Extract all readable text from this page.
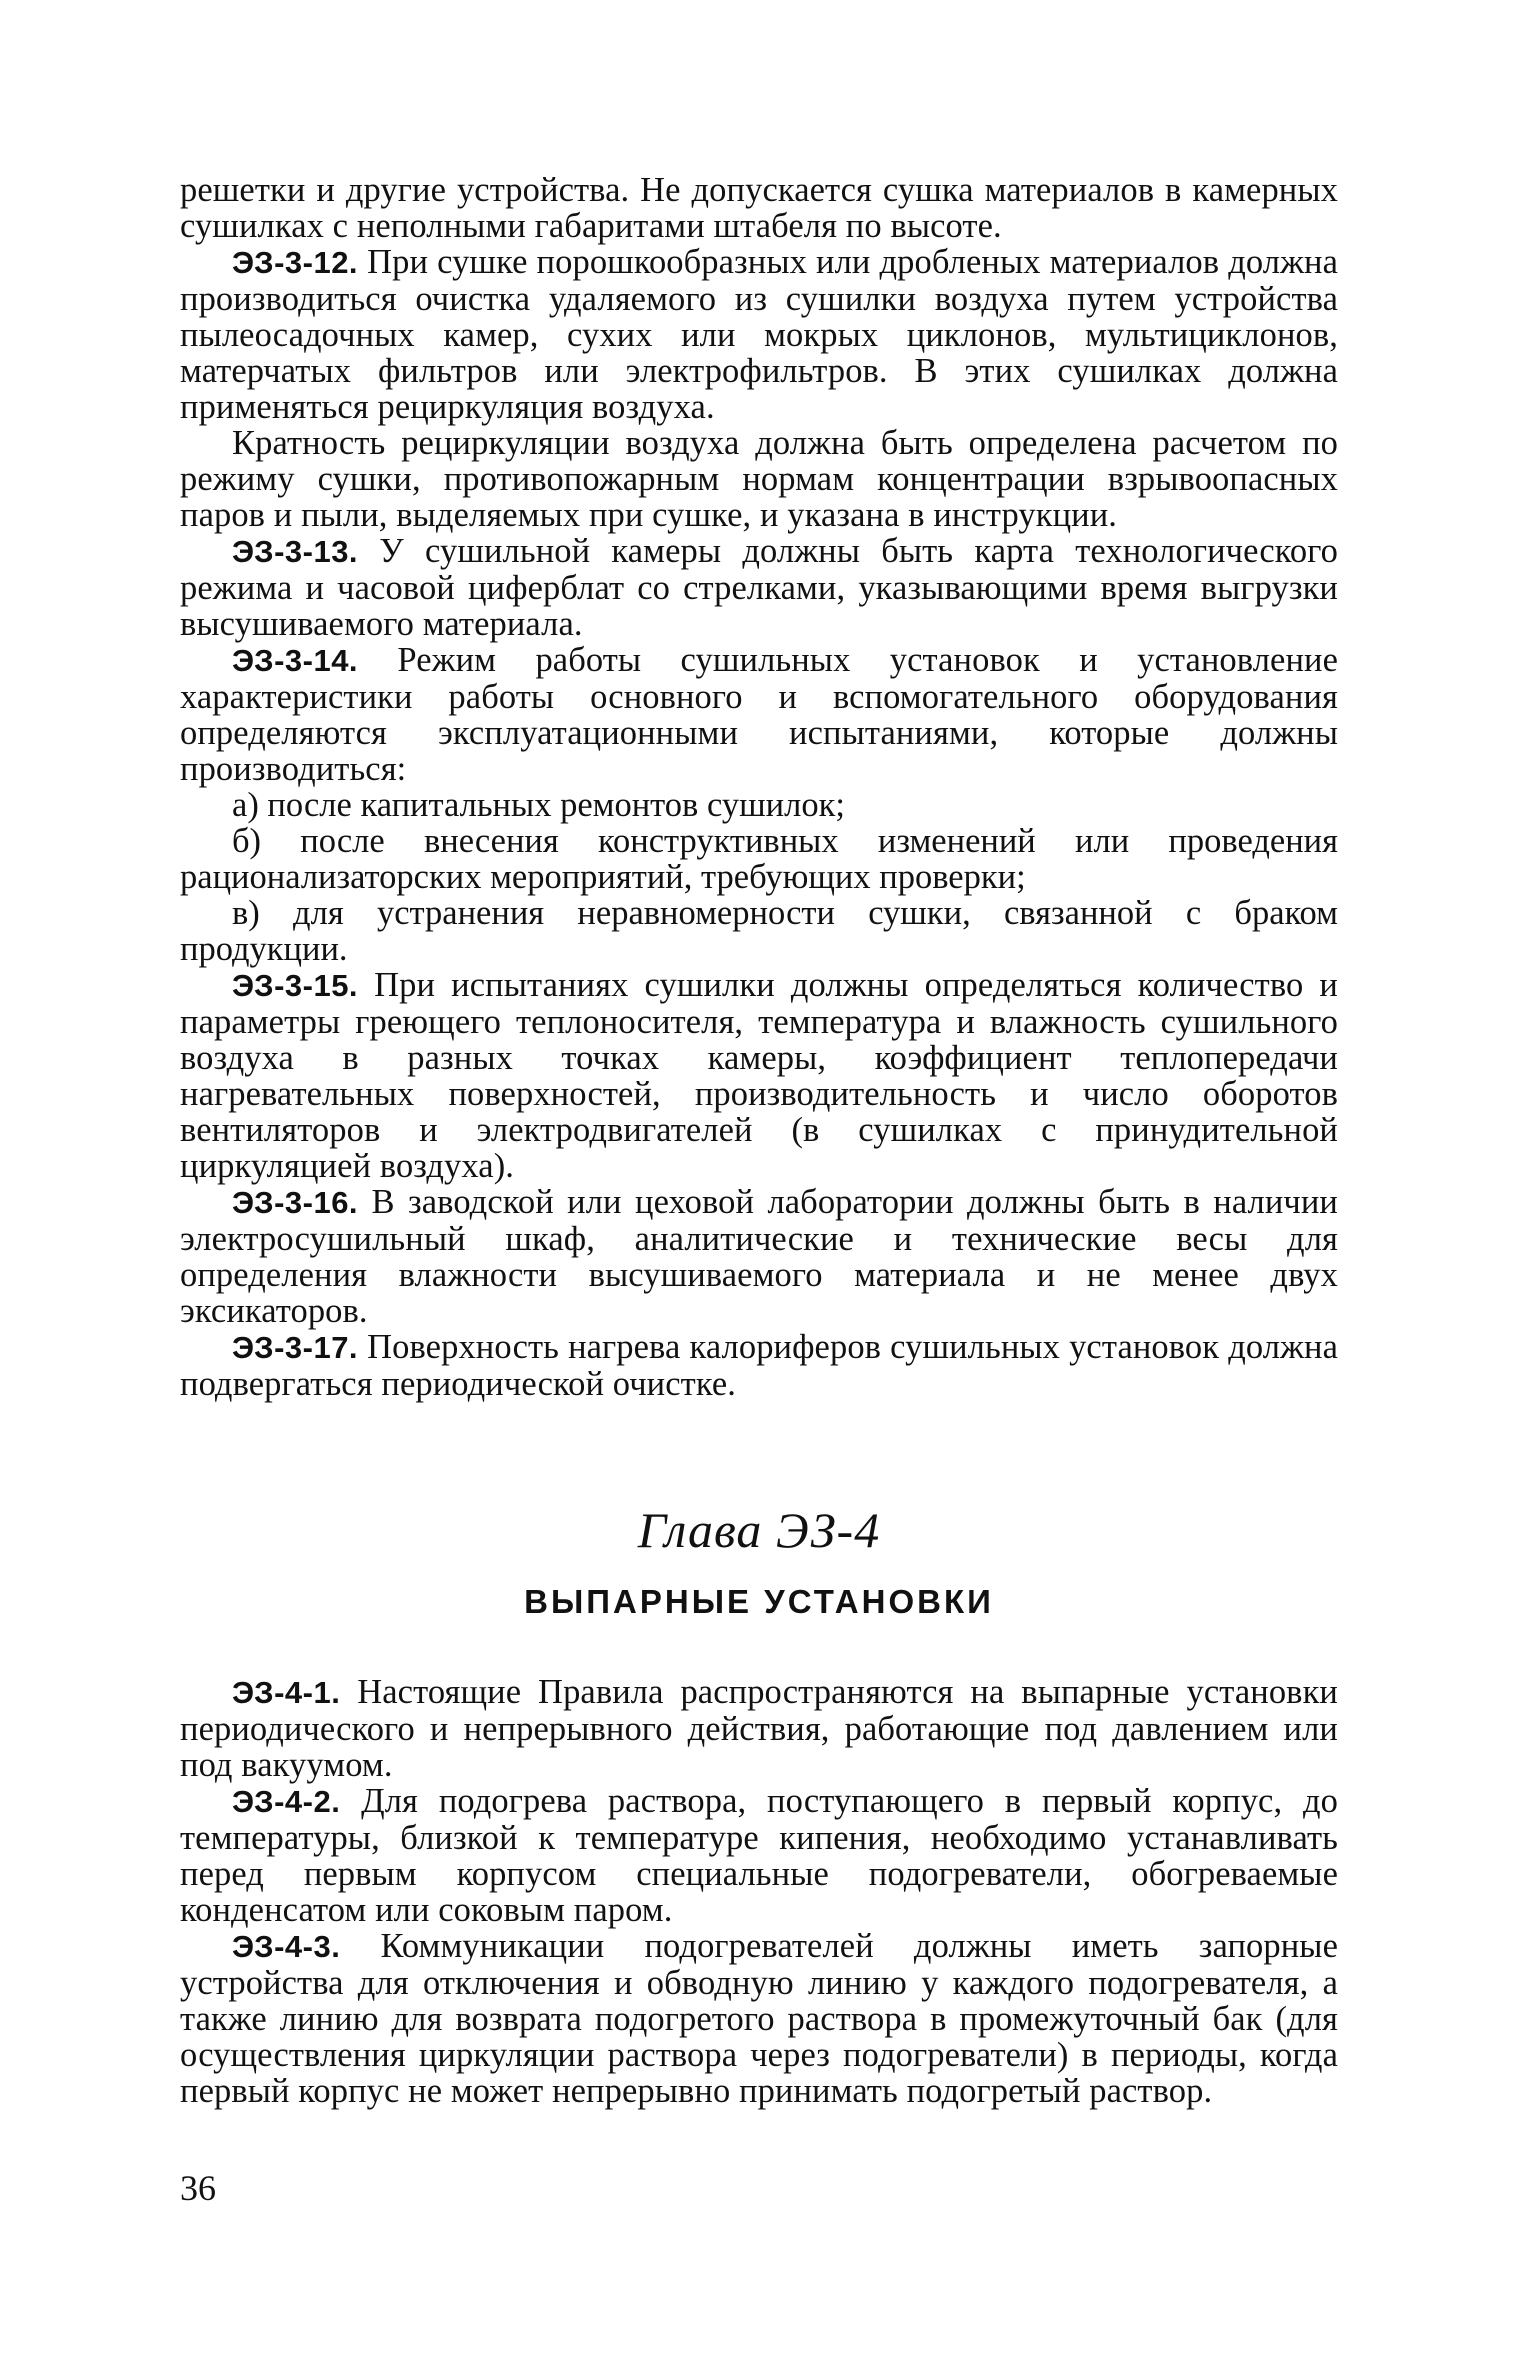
решетки и другие устройства. Не допускается сушка материалов в камерных сушилках с неполными габаритами штабеля по высоте.

ЭЗ-3-12. При сушке порошкообразных или дробленых материалов должна производиться очистка удаляемого из сушилки воздуха путем устройства пылеосадочных камер, сухих или мокрых циклонов, мультициклонов, матерчатых фильтров или электрофильтров. В этих сушилках должна применяться рециркуляция воздуха.

Кратность рециркуляции воздуха должна быть определена расчетом по режиму сушки, противопожарным нормам концентрации взрывоопасных паров и пыли, выделяемых при сушке, и указана в инструкции.

ЭЗ-3-13. У сушильной камеры должны быть карта технологического режима и часовой циферблат со стрелками, указывающими время выгрузки высушиваемого материала.

ЭЗ-3-14. Режим работы сушильных установок и установление характеристики работы основного и вспомогательного оборудования определяются эксплуатационными испытаниями, которые должны производиться:

а) после капитальных ремонтов сушилок;

б) после внесения конструктивных изменений или проведения рационализаторских мероприятий, требующих проверки;

в) для устранения неравномерности сушки, связанной с браком продукции.

ЭЗ-3-15. При испытаниях сушилки должны определяться количество и параметры греющего теплоносителя, температура и влажность сушильного воздуха в разных точках камеры, коэффициент теплопередачи нагревательных поверхностей, производительность и число оборотов вентиляторов и электродвигателей (в сушилках с принудительной циркуляцией воздуха).

ЭЗ-3-16. В заводской или цеховой лаборатории должны быть в наличии электросушильный шкаф, аналитические и технические весы для определения влажности высушиваемого материала и не менее двух эксикаторов.

ЭЗ-3-17. Поверхность нагрева калориферов сушильных установок должна подвергаться периодической очистке.

Глава ЭЗ-4
ВЫПАРНЫЕ УСТАНОВКИ

ЭЗ-4-1. Настоящие Правила распространяются на выпарные установки периодического и непрерывного действия, работающие под давлением или под вакуумом.

ЭЗ-4-2. Для подогрева раствора, поступающего в первый корпус, до температуры, близкой к температуре кипения, необходимо устанавливать перед первым корпусом специальные подогреватели, обогреваемые конденсатом или соковым паром.

ЭЗ-4-3. Коммуникации подогревателей должны иметь запорные устройства для отключения и обводную линию у каждого подогревателя, а также линию для возврата подогретого раствора в промежуточный бак (для осуществления циркуляции раствора через подогреватели) в периоды, когда первый корпус не может непрерывно принимать подогретый раствор.

36
